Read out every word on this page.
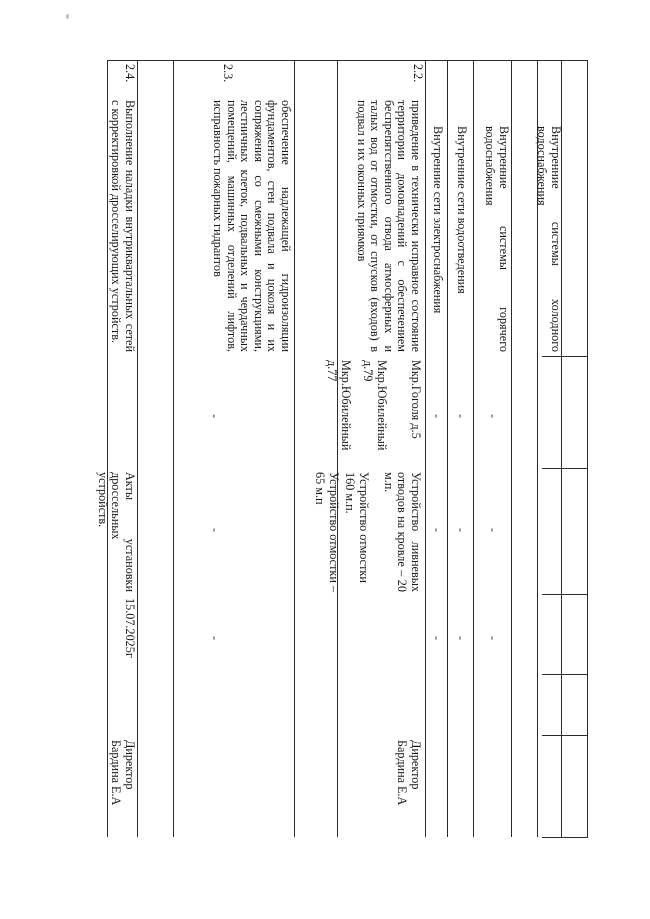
Внутренние системы холодного водоснабжения
Внутренние системы горячего водоснабжения
-
-
-
Внутренние сети водоотведения
-
-
-
Внутренние сети электроснабжения
-
-
-
2.2.
приведение в технически исправное состояние территории домовладений с обеспечением беспрепятственного отвода атмосферных и талых вод от отмостки, от спусков (входов) в подвал и их оконных приямков
Мкр.Гоголя д.5
Мкр.Юбилейный д.79
Мкр.Юбилейный д.77
Устройство ливневых отводов на кровле – 20 м.п.
Устройство отмостки 160 м.п.
Устройство отмостки – 65 м.п
Директор Бардина Е.А
2.3.
обеспечение надлежащей гидроизоляции фундаментов, стен подвала и цоколя и их сопряжения со смежными конструкциями, лестничных клеток, подвальных и чердачных помещений, машинных отделений лифтов, исправность пожарных гидрантов
-
-
-
2.4.
Выполнение наладки внутриквартальных сетей с корректировкой дросселирующих устройств.
Акты установки дроссельных устройств.
15.07.2025г
Директор Бардина Е.А
